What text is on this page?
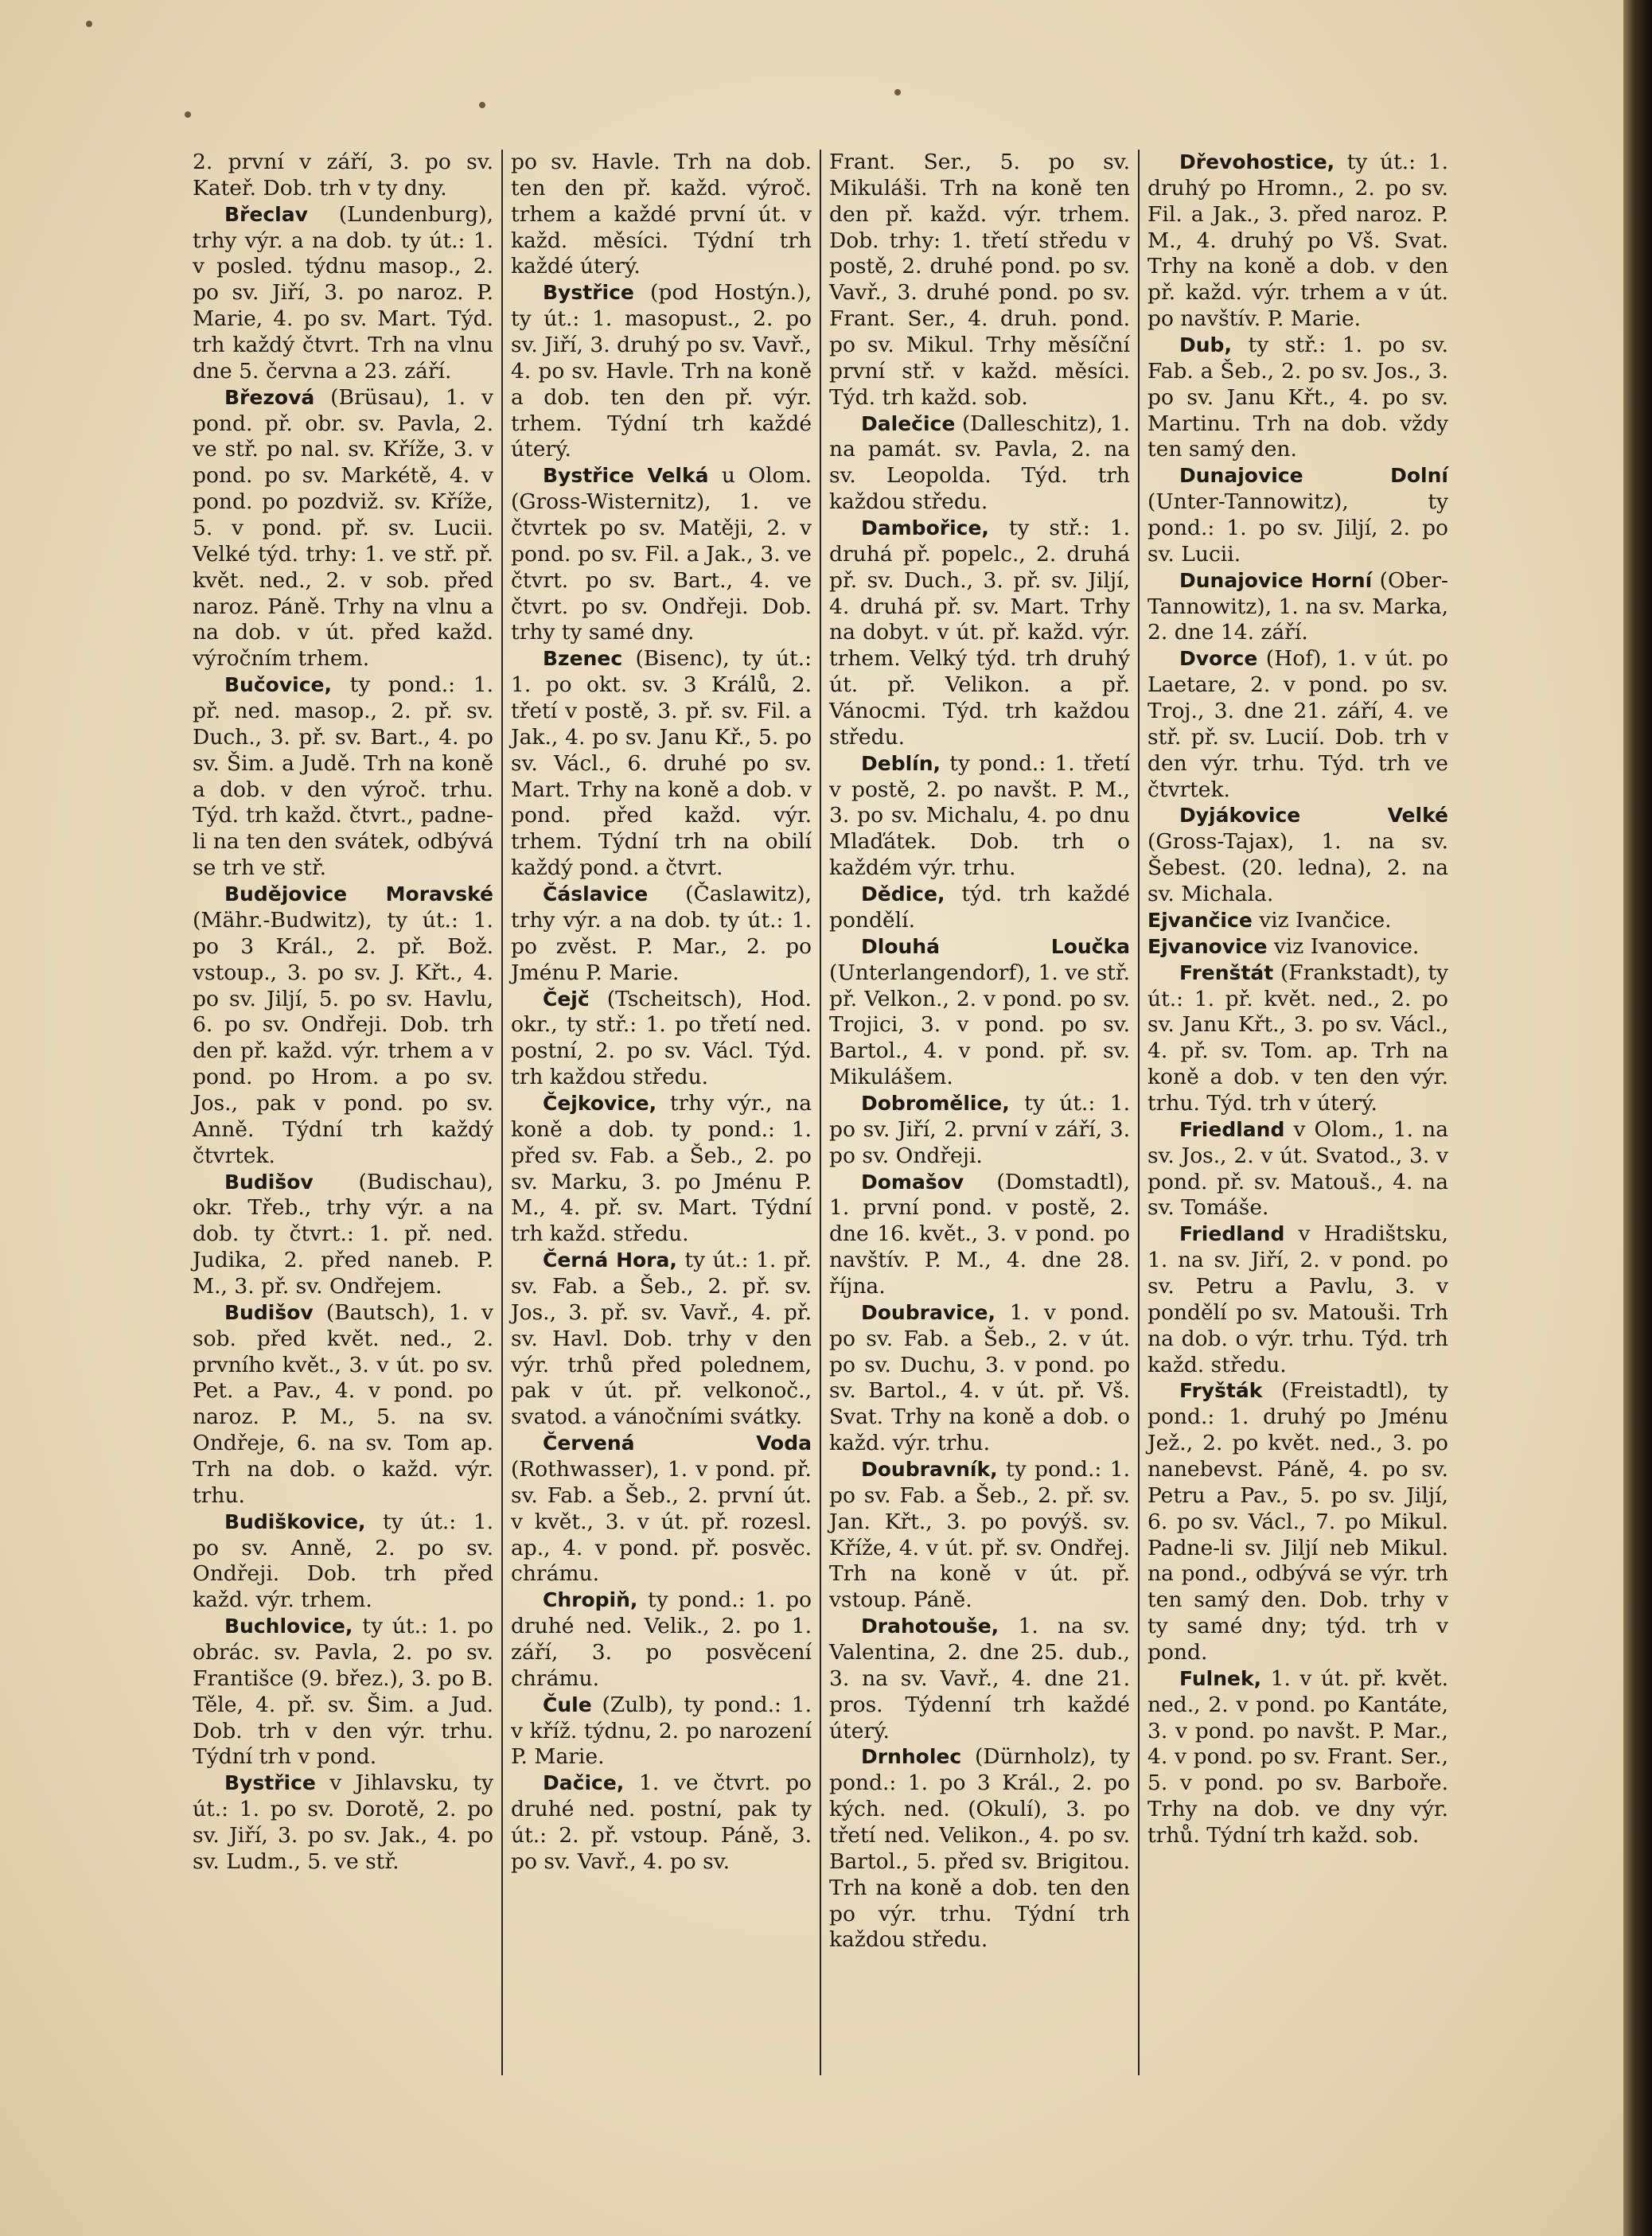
2. první v září, 3. po sv. Kateř. Dob. trh v ty dny.

Břeclav (Lundenburg), trhy výr. a na dob. ty út.: 1. v posled. týdnu masop., 2. po sv. Jiří, 3. po naroz. P. Marie, 4. po sv. Mart. Týd. trh každý čtvrt. Trh na vlnu dne 5. června a 23. září.

Březová (Brüsau), 1. v pond. př. obr. sv. Pavla, 2. ve stř. po nal. sv. Kříže, 3. v pond. po sv. Markétě, 4. v pond. po pozdviž. sv. Kříže, 5. v pond. př. sv. Lucii. Velké týd. trhy: 1. ve stř. př. květ. ned., 2. v sob. před naroz. Páně. Trhy na vlnu a na dob. v út. před každ. výročním trhem.

Bučovice, ty pond.: 1. př. ned. masop., 2. př. sv. Duch., 3. př. sv. Bart., 4. po sv. Šim. a Judě. Trh na koně a dob. v den výroč. trhu. Týd. trh každ. čtvrt., padne-li na ten den svátek, odbývá se trh ve stř.

Budějovice Moravské (Mähr.-Budwitz), ty út.: 1. po 3 Král., 2. př. Bož. vstoup., 3. po sv. J. Křt., 4. po sv. Jiljí, 5. po sv. Havlu, 6. po sv. Ondřeji. Dob. trh den př. každ. výr. trhem a v pond. po Hrom. a po sv. Jos., pak v pond. po sv. Anně. Týdní trh každý čtvrtek.

Budišov (Budischau), okr. Třeb., trhy výr. a na dob. ty čtvrt.: 1. př. ned. Judika, 2. před naneb. P. M., 3. př. sv. Ondřejem.

Budišov (Bautsch), 1. v sob. před květ. ned., 2. prvního květ., 3. v út. po sv. Pet. a Pav., 4. v pond. po naroz. P. M., 5. na sv. Ondřeje, 6. na sv. Tom ap. Trh na dob. o každ. výr. trhu.

Budiškovice, ty út.: 1. po sv. Anně, 2. po sv. Ondřeji. Dob. trh před každ. výr. trhem.

Buchlovice, ty út.: 1. po obrác. sv. Pavla, 2. po sv. Františce (9. břez.), 3. po B. Těle, 4. př. sv. Šim. a Jud. Dob. trh v den výr. trhu. Týdní trh v pond.

Bystřice v Jihlavsku, ty út.: 1. po sv. Dorotě, 2. po sv. Jiří, 3. po sv. Jak., 4. po sv. Ludm., 5. ve stř.

po sv. Havle. Trh na dob. ten den př. každ. výroč. trhem a každé první út. v každ. měsíci. Týdní trh každé úterý.

Bystřice (pod Hostýn.), ty út.: 1. masopust., 2. po sv. Jiří, 3. druhý po sv. Vavř., 4. po sv. Havle. Trh na koně a dob. ten den př. výr. trhem. Týdní trh každé úterý.

Bystřice Velká u Olom. (Gross-Wisternitz), 1. ve čtvrtek po sv. Matěji, 2. v pond. po sv. Fil. a Jak., 3. ve čtvrt. po sv. Bart., 4. ve čtvrt. po sv. Ondřeji. Dob. trhy ty samé dny.

Bzenec (Bisenc), ty út.: 1. po okt. sv. 3 Králů, 2. třetí v postě, 3. př. sv. Fil. a Jak., 4. po sv. Janu Kř., 5. po sv. Václ., 6. druhé po sv. Mart. Trhy na koně a dob. v pond. před každ. výr. trhem. Týdní trh na obilí každý pond. a čtvrt.

Čáslavice (Časlawitz), trhy výr. a na dob. ty út.: 1. po zvěst. P. Mar., 2. po Jménu P. Marie.

Čejč (Tscheitsch), Hod. okr., ty stř.: 1. po třetí ned. postní, 2. po sv. Václ. Týd. trh každou středu.

Čejkovice, trhy výr., na koně a dob. ty pond.: 1. před sv. Fab. a Šeb., 2. po sv. Marku, 3. po Jménu P. M., 4. př. sv. Mart. Týdní trh každ. středu.

Černá Hora, ty út.: 1. př. sv. Fab. a Šeb., 2. př. sv. Jos., 3. př. sv. Vavř., 4. př. sv. Havl. Dob. trhy v den výr. trhů před polednem, pak v út. př. velkonoč., svatod. a vánočními svátky.

Červená Voda (Rothwasser), 1. v pond. př. sv. Fab. a Šeb., 2. první út. v květ., 3. v út. př. rozesl. ap., 4. v pond. př. posvěc. chrámu.

Chropiň, ty pond.: 1. po druhé ned. Velik., 2. po 1. září, 3. po posvěcení chrámu.

Čule (Zulb), ty pond.: 1. v kříž. týdnu, 2. po narození P. Marie.

Dačice, 1. ve čtvrt. po druhé ned. postní, pak ty út.: 2. př. vstoup. Páně, 3. po sv. Vavř., 4. po sv.

Frant. Ser., 5. po sv. Mikuláši. Trh na koně ten den př. každ. výr. trhem. Dob. trhy: 1. třetí středu v postě, 2. druhé pond. po sv. Vavř., 3. druhé pond. po sv. Frant. Ser., 4. druh. pond. po sv. Mikul. Trhy měsíční první stř. v každ. měsíci. Týd. trh každ. sob.

Dalečice (Dalleschitz), 1. na památ. sv. Pavla, 2. na sv. Leopolda. Týd. trh každou středu.

Dambořice, ty stř.: 1. druhá př. popelc., 2. druhá př. sv. Duch., 3. př. sv. Jiljí, 4. druhá př. sv. Mart. Trhy na dobyt. v út. př. každ. výr. trhem. Velký týd. trh druhý út. př. Velikon. a př. Vánocmi. Týd. trh každou středu.

Deblín, ty pond.: 1. třetí v postě, 2. po navšt. P. M., 3. po sv. Michalu, 4. po dnu Mlaďátek. Dob. trh o každém výr. trhu.

Dědice, týd. trh každé pondělí.

Dlouhá Loučka (Unterlangendorf), 1. ve stř. př. Velkon., 2. v pond. po sv. Trojici, 3. v pond. po sv. Bartol., 4. v pond. př. sv. Mikulášem.

Dobromělice, ty út.: 1. po sv. Jiří, 2. první v září, 3. po sv. Ondřeji.

Domašov (Domstadtl), 1. první pond. v postě, 2. dne 16. květ., 3. v pond. po navštív. P. M., 4. dne 28. října.

Doubravice, 1. v pond. po sv. Fab. a Šeb., 2. v út. po sv. Duchu, 3. v pond. po sv. Bartol., 4. v út. př. Vš. Svat. Trhy na koně a dob. o každ. výr. trhu.

Doubravník, ty pond.: 1. po sv. Fab. a Šeb., 2. př. sv. Jan. Křt., 3. po povýš. sv. Kříže, 4. v út. př. sv. Ondřej. Trh na koně v út. př. vstoup. Páně.

Drahotouše, 1. na sv. Valentina, 2. dne 25. dub., 3. na sv. Vavř., 4. dne 21. pros. Týdenní trh každé úterý.

Drnholec (Dürnholz), ty pond.: 1. po 3 Král., 2. po kých. ned. (Okulí), 3. po třetí ned. Velikon., 4. po sv. Bartol., 5. před sv. Brigitou. Trh na koně a dob. ten den po výr. trhu. Týdní trh každou středu.

Dřevohostice, ty út.: 1. druhý po Hromn., 2. po sv. Fil. a Jak., 3. před naroz. P. M., 4. druhý po Vš. Svat. Trhy na koně a dob. v den př. každ. výr. trhem a v út. po navštív. P. Marie.

Dub, ty stř.: 1. po sv. Fab. a Šeb., 2. po sv. Jos., 3. po sv. Janu Křt., 4. po sv. Martinu. Trh na dob. vždy ten samý den.

Dunajovice Dolní (Unter-Tannowitz), ty pond.: 1. po sv. Jiljí, 2. po sv. Lucii.

Dunajovice Horní (Ober-Tannowitz), 1. na sv. Marka, 2. dne 14. září.

Dvorce (Hof), 1. v út. po Laetare, 2. v pond. po sv. Troj., 3. dne 21. září, 4. ve stř. př. sv. Lucií. Dob. trh v den výr. trhu. Týd. trh ve čtvrtek.

Dyjákovice Velké (Gross-Tajax), 1. na sv. Šebest. (20. ledna), 2. na sv. Michala.

Ejvančice viz Ivančice.

Ejvanovice viz Ivanovice.

Frenštát (Frankstadt), ty út.: 1. př. květ. ned., 2. po sv. Janu Křt., 3. po sv. Václ., 4. př. sv. Tom. ap. Trh na koně a dob. v ten den výr. trhu. Týd. trh v úterý.

Friedland v Olom., 1. na sv. Jos., 2. v út. Svatod., 3. v pond. př. sv. Matouš., 4. na sv. Tomáše.

Friedland v Hradištsku, 1. na sv. Jiří, 2. v pond. po sv. Petru a Pavlu, 3. v pondělí po sv. Matouši. Trh na dob. o výr. trhu. Týd. trh každ. středu.

Fryšták (Freistadtl), ty pond.: 1. druhý po Jménu Jež., 2. po květ. ned., 3. po nanebevst. Páně, 4. po sv. Petru a Pav., 5. po sv. Jiljí, 6. po sv. Václ., 7. po Mikul. Padne-li sv. Jiljí neb Mikul. na pond., odbývá se výr. trh ten samý den. Dob. trhy v ty samé dny; týd. trh v pond.

Fulnek, 1. v út. př. květ. ned., 2. v pond. po Kantáte, 3. v pond. po navšt. P. Mar., 4. v pond. po sv. Frant. Ser., 5. v pond. po sv. Barboře. Trhy na dob. ve dny výr. trhů. Týdní trh každ. sob.
